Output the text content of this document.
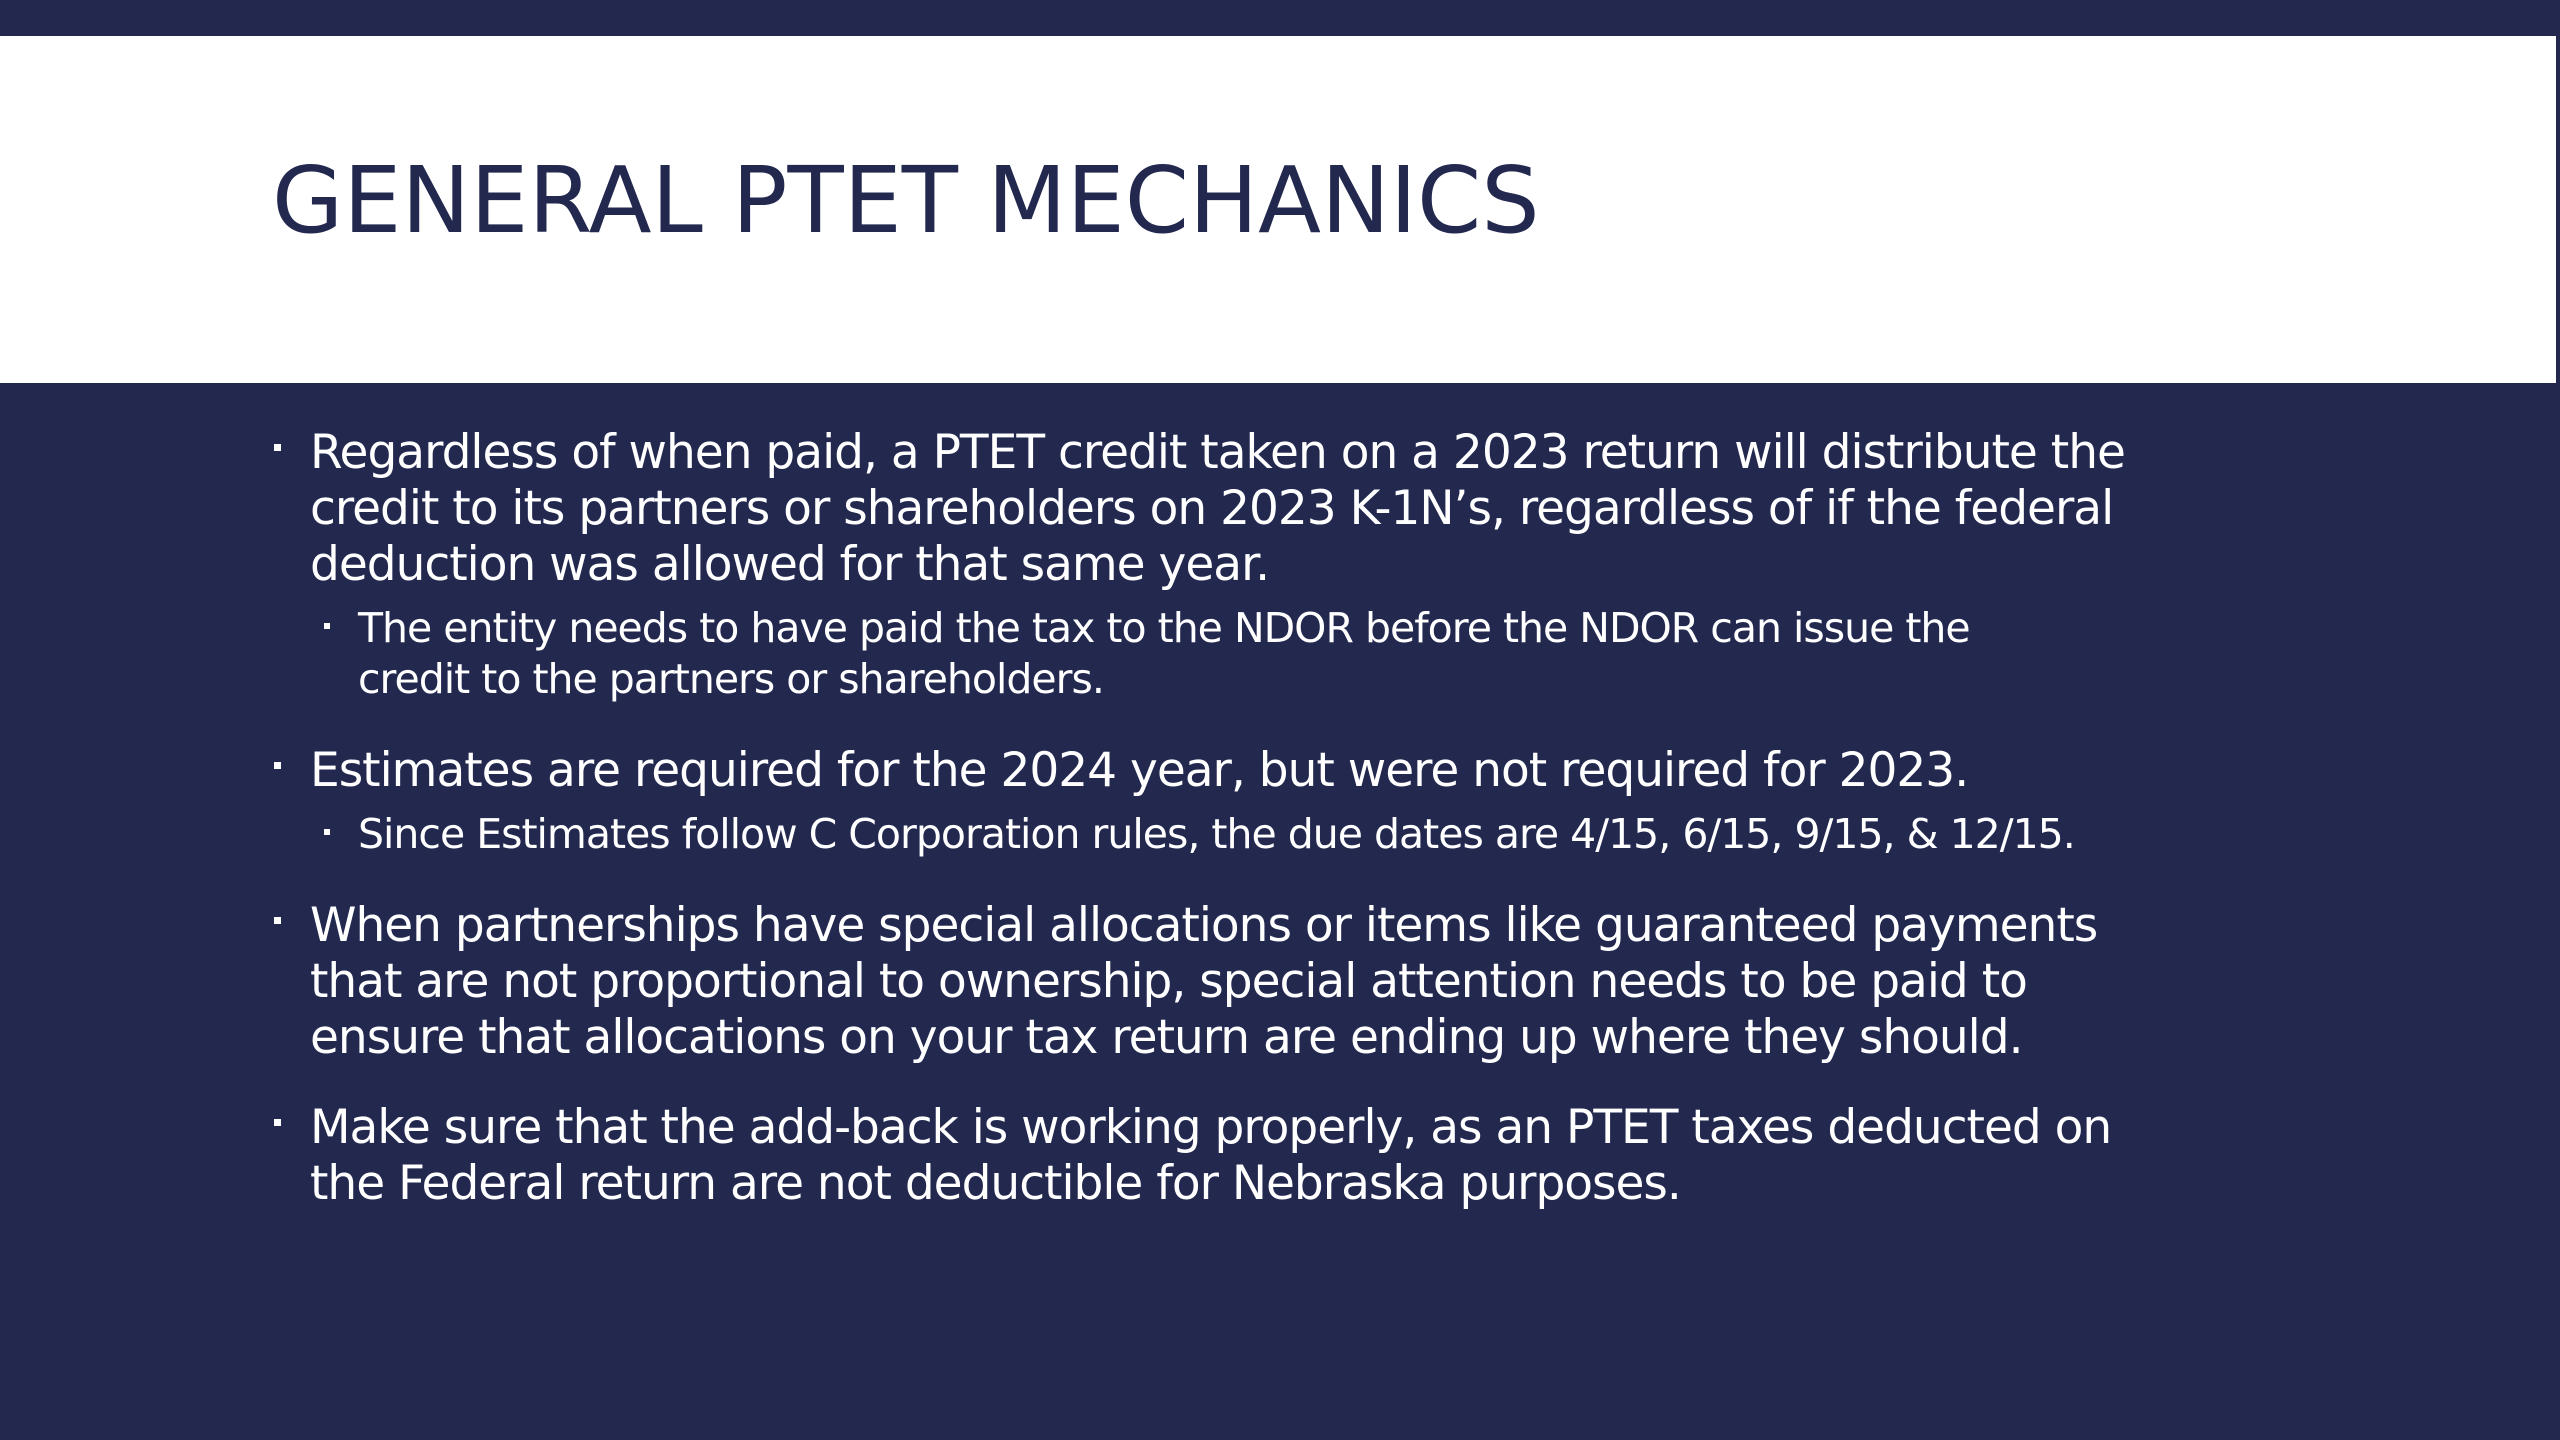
GENERAL PTET MECHANICS
Regardless of when paid, a PTET credit taken on a 2023 return will distribute the
credit to its partners or shareholders on 2023 K-1N’s, regardless of if the federal
deduction was allowed for that same year.
The entity needs to have paid the tax to the NDOR before the NDOR can issue the
credit to the partners or shareholders.
Estimates are required for the 2024 year, but were not required for 2023.
Since Estimates follow C Corporation rules, the due dates are 4/15, 6/15, 9/15, & 12/15.
When partnerships have special allocations or items like guaranteed payments
that are not proportional to ownership, special attention needs to be paid to
ensure that allocations on your tax return are ending up where they should.
Make sure that the add-back is working properly, as an PTET taxes deducted on
the Federal return are not deductible for Nebraska purposes.
